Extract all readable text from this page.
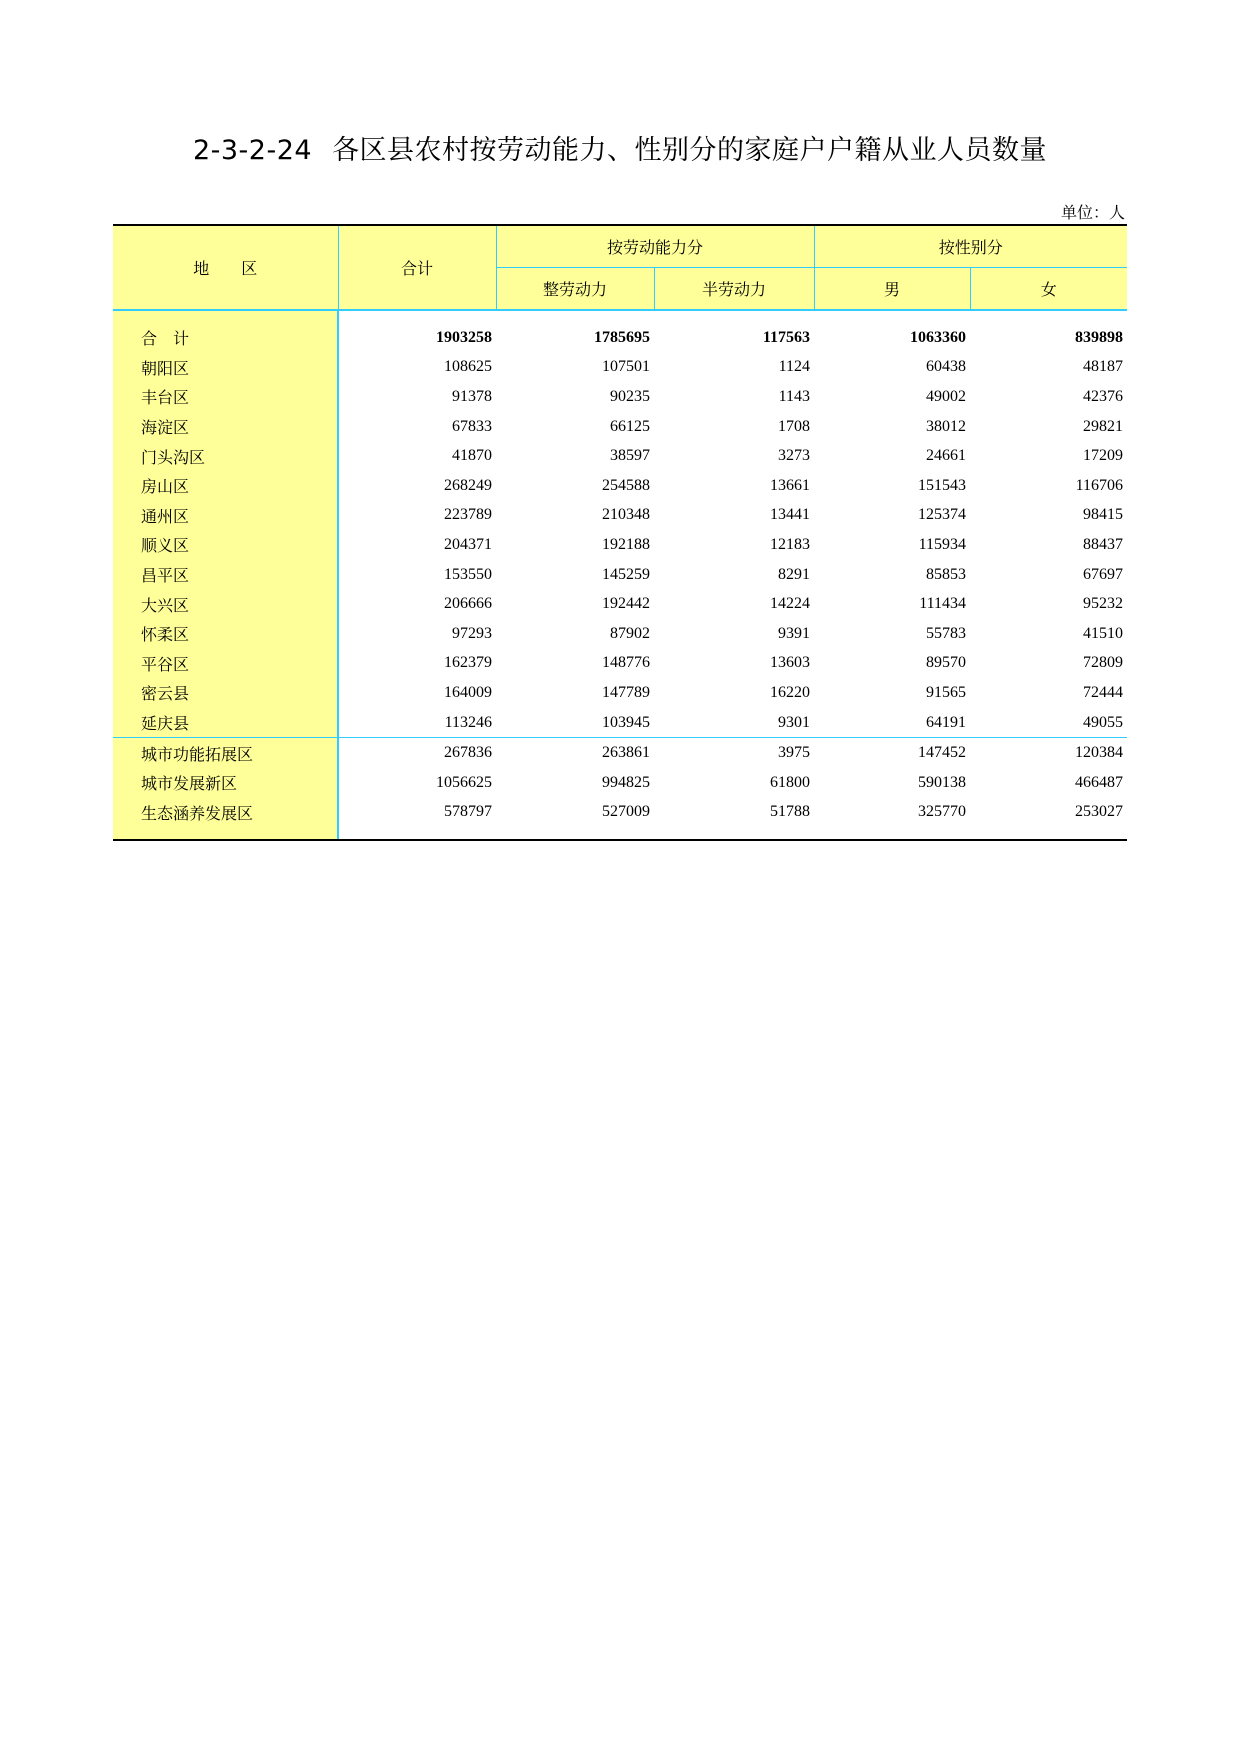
2-3-2-24 各区县农村按劳动能力、性别分的家庭户户籍从业人员数量
单位：人
地　　区	合计	按劳动能力分		按性别分	
		整劳动力	半劳动力	男	女

合　计	1903258	1785695	117563	1063360	839898
朝阳区	108625	107501	1124	60438	48187
丰台区	91378	90235	1143	49002	42376
海淀区	67833	66125	1708	38012	29821
门头沟区	41870	38597	3273	24661	17209
房山区	268249	254588	13661	151543	116706
通州区	223789	210348	13441	125374	98415
顺义区	204371	192188	12183	115934	88437
昌平区	153550	145259	8291	85853	67697
大兴区	206666	192442	14224	111434	95232
怀柔区	97293	87902	9391	55783	41510
平谷区	162379	148776	13603	89570	72809
密云县	164009	147789	16220	91565	72444
延庆县	113246	103945	9301	64191	49055
城市功能拓展区	267836	263861	3975	147452	120384
城市发展新区	1056625	994825	61800	590138	466487
生态涵养发展区	578797	527009	51788	325770	253027
